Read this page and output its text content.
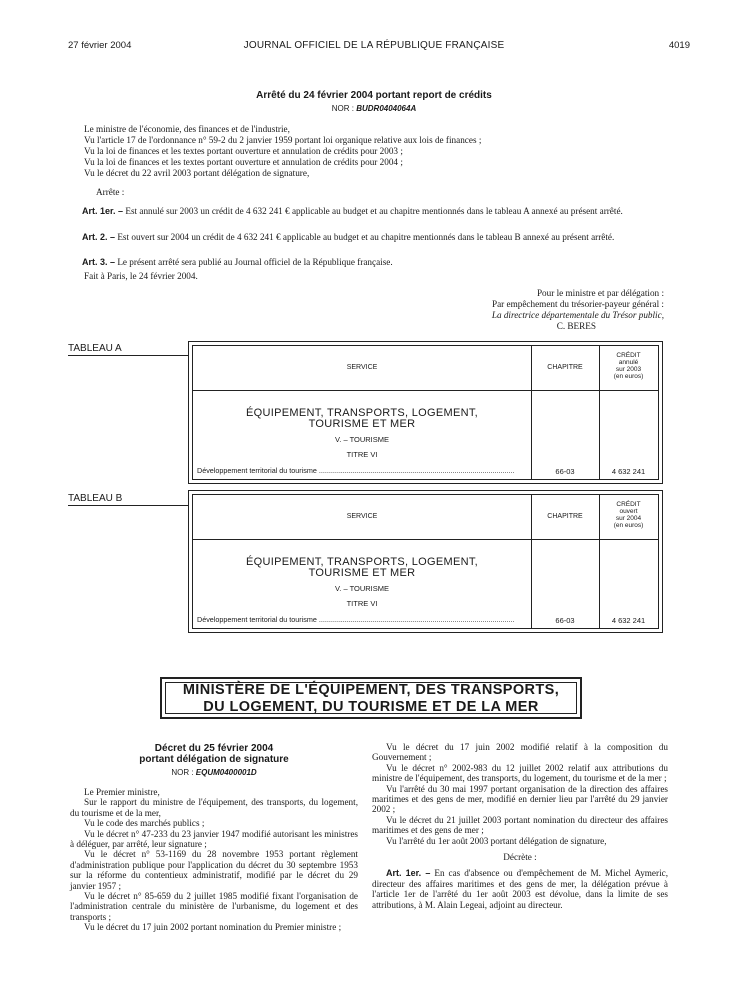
27 février 2004	JOURNAL OFFICIEL DE LA RÉPUBLIQUE FRANÇAISE	4019
Arrêté du 24 février 2004 portant report de crédits
NOR : BUDR0404064A
Le ministre de l'économie, des finances et de l'industrie,
Vu l'article 17 de l'ordonnance n° 59-2 du 2 janvier 1959 portant loi organique relative aux lois de finances ;
Vu la loi de finances et les textes portant ouverture et annulation de crédits pour 2003 ;
Vu la loi de finances et les textes portant ouverture et annulation de crédits pour 2004 ;
Vu le décret du 22 avril 2003 portant délégation de signature,
Arrête :
Art. 1er. – Est annulé sur 2003 un crédit de 4 632 241 € applicable au budget et au chapitre mentionnés dans le tableau A annexé au présent arrêté.
Art. 2. – Est ouvert sur 2004 un crédit de 4 632 241 € applicable au budget et au chapitre mentionnés dans le tableau B annexé au présent arrêté.
Art. 3. – Le présent arrêté sera publié au Journal officiel de la République française.
Fait à Paris, le 24 février 2004.
Pour le ministre et par délégation :
Par empêchement du trésorier-payeur général :
La directrice départementale du Trésor public,
C. BERES
TABLEAU A
SERVICE	CHAPITRE
CRÉDIT
annulé
sur 2003
(en euros)
ÉQUIPEMENT, TRANSPORTS, LOGEMENT,
TOURISME ET MER
V. – TOURISME
TITRE VI
Développement territorial du tourisme ..................................................................................................	66-03	4 632 241
TABLEAU B
SERVICE	CHAPITRE
CRÉDIT
ouvert
sur 2004
(en euros)
ÉQUIPEMENT, TRANSPORTS, LOGEMENT,
TOURISME ET MER
V. – TOURISME
TITRE VI
Développement territorial du tourisme ..................................................................................................	66-03	4 632 241
MINISTÈRE DE L'ÉQUIPEMENT, DES TRANSPORTS,
DU LOGEMENT, DU TOURISME ET DE LA MER
Décret du 25 février 2004
portant délégation de signature
NOR : EQUM0400001D

Le Premier ministre,

Sur le rapport du ministre de l'équipement, des transports, du logement, du tourisme et de la mer,

Vu le code des marchés publics ;

Vu le décret n° 47-233 du 23 janvier 1947 modifié autorisant les ministres à déléguer, par arrêté, leur signature ;

Vu le décret n° 53-1169 du 28 novembre 1953 portant règlement d'administration publique pour l'application du décret du 30 septembre 1953 sur la réforme du contentieux administratif, modifié par le décret du 29 janvier 1957 ;

Vu le décret n° 85-659 du 2 juillet 1985 modifié fixant l'organisation de l'administration centrale du ministère de l'urbanisme, du logement et des transports ;

Vu le décret du 17 juin 2002 portant nomination du Premier ministre ;

Vu le décret du 17 juin 2002 modifié relatif à la composition du Gouvernement ;

Vu le décret n° 2002-983 du 12 juillet 2002 relatif aux attributions du ministre de l'équipement, des transports, du logement, du tourisme et de la mer ;

Vu l'arrêté du 30 mai 1997 portant organisation de la direction des affaires maritimes et des gens de mer, modifié en dernier lieu par l'arrêté du 29 janvier 2002 ;

Vu le décret du 21 juillet 2003 portant nomination du directeur des affaires maritimes et des gens de mer ;

Vu l'arrêté du 1er août 2003 portant délégation de signature,

Décrète :

Art. 1er. – En cas d'absence ou d'empêchement de M. Michel Aymeric, directeur des affaires maritimes et des gens de mer, la délégation prévue à l'article 1er de l'arrêté du 1er août 2003 est dévolue, dans la limite de ses attributions, à M. Alain Legeai, adjoint au directeur.
